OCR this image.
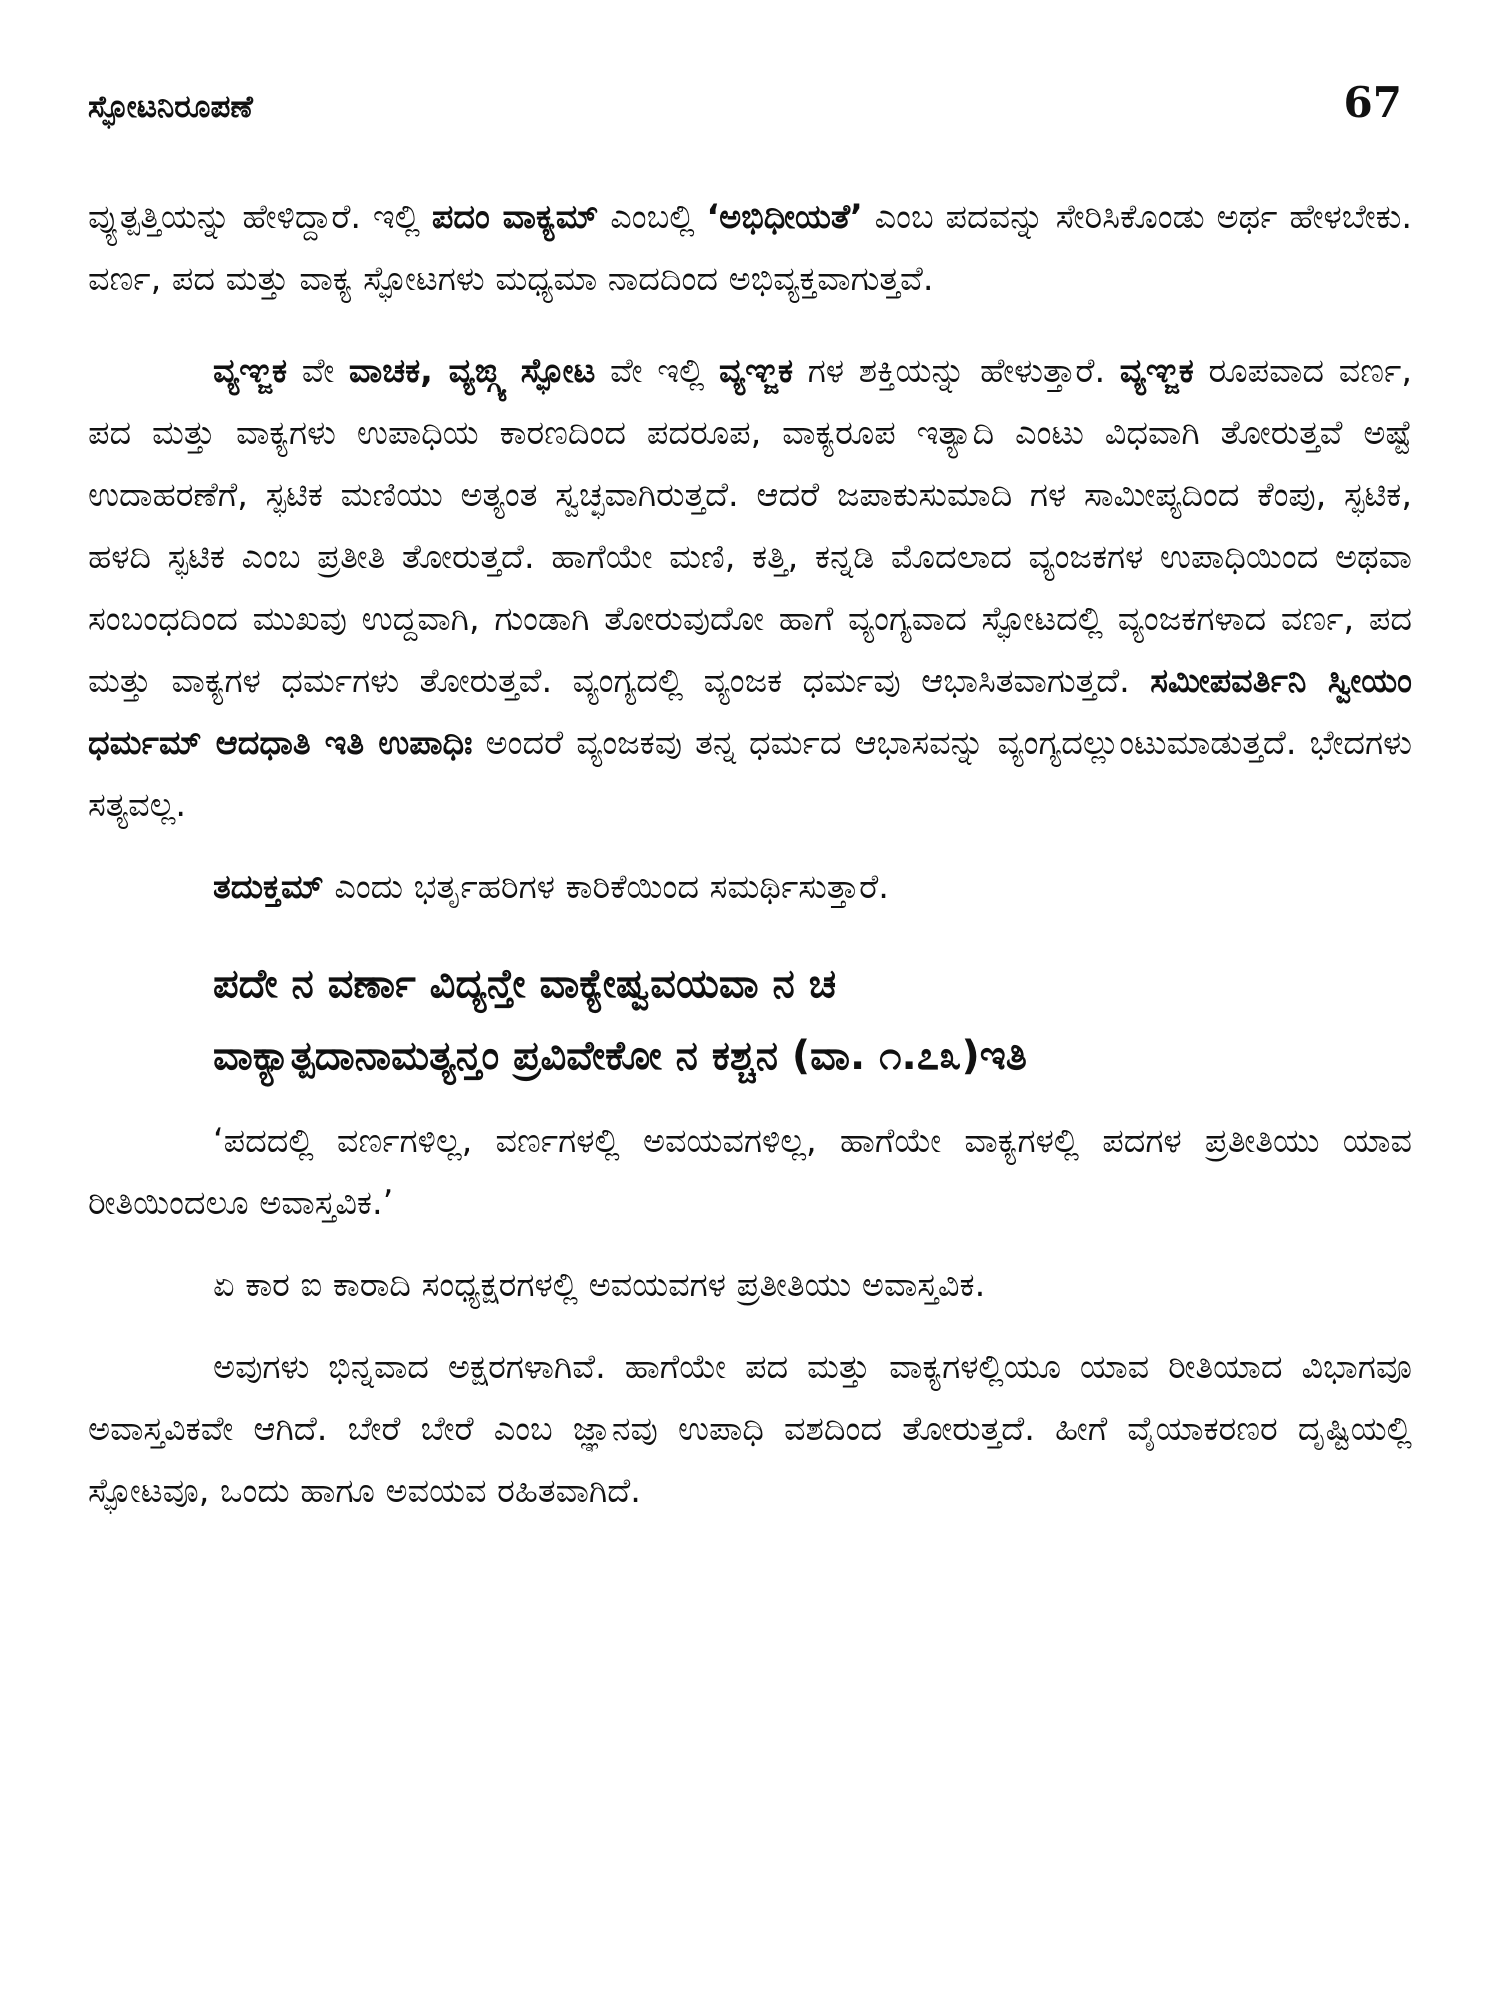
ಸ್ಫೋಟನಿರೂಪಣೆ	67

ವ್ಯುತ್ಪತ್ತಿಯನ್ನು ಹೇಳಿದ್ದಾರೆ. ಇಲ್ಲಿ ಪದಂ ವಾಕ್ಯಮ್ ಎಂಬಲ್ಲಿ ‘ಅಭಿಧೀಯತೆ’ ಎಂಬ ಪದವನ್ನು ಸೇರಿಸಿಕೊಂಡು ಅರ್ಥ ಹೇಳಬೇಕು. ವರ್ಣ, ಪದ ಮತ್ತು ವಾಕ್ಯ ಸ್ಫೋಟಗಳು ಮಧ್ಯಮಾ ನಾದದಿಂದ ಅಭಿವ್ಯಕ್ತವಾಗುತ್ತವೆ.

ವ್ಯಞ್ಜಕ ವೇ ವಾಚಕ, ವ್ಯಙ್ಗ್ಯ ಸ್ಫೋಟ ವೇ ಇಲ್ಲಿ ವ್ಯಞ್ಜಕ ಗಳ ಶಕ್ತಿಯನ್ನು ಹೇಳುತ್ತಾರೆ. ವ್ಯಞ್ಜಕ ರೂಪವಾದ ವರ್ಣ, ಪದ ಮತ್ತು ವಾಕ್ಯಗಳು ಉಪಾಧಿಯ ಕಾರಣದಿಂದ ಪದರೂಪ, ವಾಕ್ಯರೂಪ ಇತ್ಯಾದಿ ಎಂಟು ವಿಧವಾಗಿ ತೋರುತ್ತವೆ ಅಷ್ಟೆ ಉದಾಹರಣೆಗೆ, ಸ್ಫಟಿಕ ಮಣಿಯು ಅತ್ಯಂತ ಸ್ವಚ್ಛವಾಗಿರುತ್ತದೆ. ಆದರೆ ಜಪಾಕುಸುಮಾದಿ ಗಳ ಸಾಮೀಪ್ಯದಿಂದ ಕೆಂಪು, ಸ್ಫಟಿಕ, ಹಳದಿ ಸ್ಫಟಿಕ ಎಂಬ ಪ್ರತೀತಿ ತೋರುತ್ತದೆ. ಹಾಗೆಯೇ ಮಣಿ, ಕತ್ತಿ, ಕನ್ನಡಿ ಮೊದಲಾದ ವ್ಯಂಜಕಗಳ ಉಪಾಧಿಯಿಂದ ಅಥವಾ ಸಂಬಂಧದಿಂದ ಮುಖವು ಉದ್ದವಾಗಿ, ಗುಂಡಾಗಿ ತೋರುವುದೋ ಹಾಗೆ ವ್ಯಂಗ್ಯವಾದ ಸ್ಫೋಟದಲ್ಲಿ ವ್ಯಂಜಕಗಳಾದ ವರ್ಣ, ಪದ ಮತ್ತು ವಾಕ್ಯಗಳ ಧರ್ಮಗಳು ತೋರುತ್ತವೆ. ವ್ಯಂಗ್ಯದಲ್ಲಿ ವ್ಯಂಜಕ ಧರ್ಮವು ಆಭಾಸಿತವಾಗುತ್ತದೆ. ಸಮೀಪವರ್ತಿನಿ ಸ್ವೀಯಂ ಧರ್ಮಮ್ ಆದಧಾತಿ ಇತಿ ಉಪಾಧಿಃ ಅಂದರೆ ವ್ಯಂಜಕವು ತನ್ನ ಧರ್ಮದ ಆಭಾಸವನ್ನು ವ್ಯಂಗ್ಯದಲ್ಲುಂಟುಮಾಡುತ್ತದೆ. ಭೇದಗಳು ಸತ್ಯವಲ್ಲ.

ತದುಕ್ತಮ್ ಎಂದು ಭರ್ತೃಹರಿಗಳ ಕಾರಿಕೆಯಿಂದ ಸಮರ್ಥಿಸುತ್ತಾರೆ.

ಪದೇ ನ ವರ್ಣಾ ವಿದ್ಯನ್ತೇ ವಾಕ್ಯೇಷ್ವವಯವಾ ನ ಚ
ವಾಕ್ಯಾತ್ಪದಾನಾಮತ್ಯನ್ತಂ ಪ್ರವಿವೇಕೋ ನ ಕಶ್ಚನ (ವಾ. ೧.೭೩)ಇತಿ

‘ಪದದಲ್ಲಿ ವರ್ಣಗಳಿಲ್ಲ, ವರ್ಣಗಳಲ್ಲಿ ಅವಯವಗಳಿಲ್ಲ, ಹಾಗೆಯೇ ವಾಕ್ಯಗಳಲ್ಲಿ ಪದಗಳ ಪ್ರತೀತಿಯು ಯಾವ ರೀತಿಯಿಂದಲೂ ಅವಾಸ್ತವಿಕ.’

ಏ ಕಾರ ಐ ಕಾರಾದಿ ಸಂಧ್ಯಕ್ಷರಗಳಲ್ಲಿ ಅವಯವಗಳ ಪ್ರತೀತಿಯು ಅವಾಸ್ತವಿಕ.

ಅವುಗಳು ಭಿನ್ನವಾದ ಅಕ್ಷರಗಳಾಗಿವೆ. ಹಾಗೆಯೇ ಪದ ಮತ್ತು ವಾಕ್ಯಗಳಲ್ಲಿಯೂ ಯಾವ ರೀತಿಯಾದ ವಿಭಾಗವೂ ಅವಾಸ್ತವಿಕವೇ ಆಗಿದೆ. ಬೇರೆ ಬೇರೆ ಎಂಬ ಜ್ಞಾನವು ಉಪಾಧಿ ವಶದಿಂದ ತೋರುತ್ತದೆ. ಹೀಗೆ ವೈಯಾಕರಣರ ದೃಷ್ಟಿಯಲ್ಲಿ ಸ್ಫೋಟವೂ, ಒಂದು ಹಾಗೂ ಅವಯವ ರಹಿತವಾಗಿದೆ.
